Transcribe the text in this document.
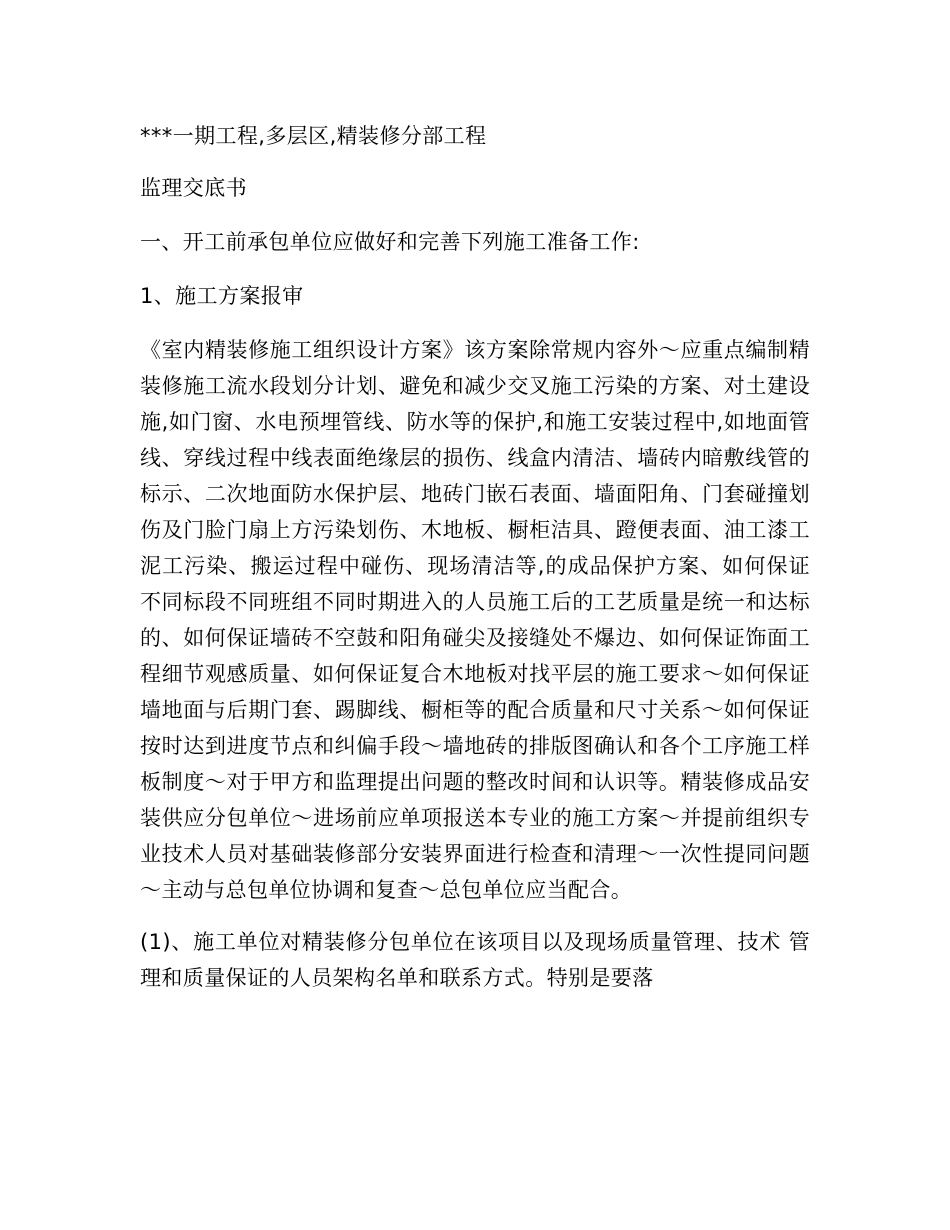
***一期工程,多层区,精装修分部工程

监理交底书

一、开工前承包单位应做好和完善下列施工准备工作:

1、施工方案报审

《室内精装修施工组织设计方案》该方案除常规内容外～应重点编制精装修施工流水段划分计划、避免和减少交叉施工污染的方案、对土建设施,如门窗、水电预埋管线、防水等的保护,和施工安装过程中,如地面管线、穿线过程中线表面绝缘层的损伤、线盒内清洁、墙砖内暗敷线管的标示、二次地面防水保护层、地砖门嵌石表面、墙面阳角、门套碰撞划伤及门脸门扇上方污染划伤、木地板、橱柜洁具、蹬便表面、油工漆工泥工污染、搬运过程中碰伤、现场清洁等,的成品保护方案、如何保证不同标段不同班组不同时期进入的人员施工后的工艺质量是统一和达标的、如何保证墙砖不空鼓和阳角碰尖及接缝处不爆边、如何保证饰面工程细节观感质量、如何保证复合木地板对找平层的施工要求～如何保证墙地面与后期门套、踢脚线、橱柜等的配合质量和尺寸关系～如何保证按时达到进度节点和纠偏手段～墙地砖的排版图确认和各个工序施工样板制度～对于甲方和监理提出问题的整改时间和认识等。精装修成品安装供应分包单位～进场前应单项报送本专业的施工方案～并提前组织专业技术人员对基础装修部分安装界面进行检查和清理～一次性提同问题～主动与总包单位协调和复查～总包单位应当配合。

(1)、施工单位对精装修分包单位在该项目以及现场质量管理、技术 管理和质量保证的人员架构名单和联系方式。特别是要落
